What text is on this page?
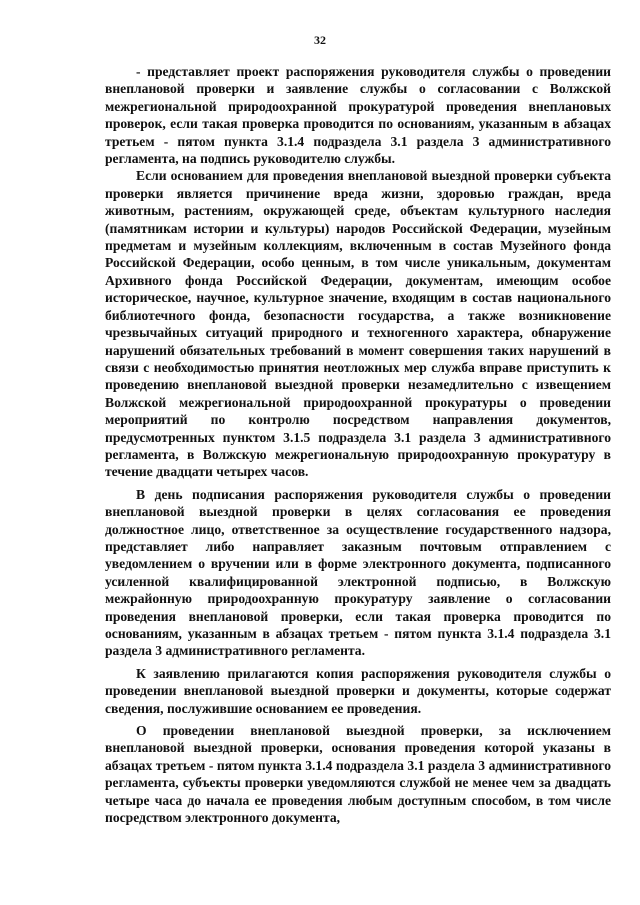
32

- представляет проект распоряжения руководителя службы о проведении внеплановой проверки и заявление службы о согласовании с Волжской межрегиональной природоохранной прокуратурой проведения внеплановых проверок, если такая проверка проводится по основаниям, указанным в абзацах третьем - пятом пункта 3.1.4 подраздела 3.1 раздела 3 административного регламента, на подпись руководителю службы.

Если основанием для проведения внеплановой выездной проверки субъекта проверки является причинение вреда жизни, здоровью граждан, вреда животным, растениям, окружающей среде, объектам культурного наследия (памятникам истории и культуры) народов Российской Федерации, музейным предметам и музейным коллекциям, включенным в состав Музейного фонда Российской Федерации, особо ценным, в том числе уникальным, документам Архивного фонда Российской Федерации, документам, имеющим особое историческое, научное, культурное значение, входящим в состав национального библиотечного фонда, безопасности государства, а также возникновение чрезвычайных ситуаций природного и техногенного характера, обнаружение нарушений обязательных требований в момент совершения таких нарушений в связи с необходимостью принятия неотложных мер служба вправе приступить к проведению внеплановой выездной проверки незамедлительно с извещением Волжской межрегиональной природоохранной прокуратуры о проведении мероприятий по контролю посредством направления документов, предусмотренных пунктом 3.1.5 подраздела 3.1 раздела 3 административного регламента, в Волжскую межрегиональную природоохранную прокуратуру в течение двадцати четырех часов.

В день подписания распоряжения руководителя службы о проведении внеплановой выездной проверки в целях согласования ее проведения должностное лицо, ответственное за осуществление государственного надзора, представляет либо направляет заказным почтовым отправлением с уведомлением о вручении или в форме электронного документа, подписанного усиленной квалифицированной электронной подписью, в Волжскую межрайонную природоохранную прокуратуру заявление о согласовании проведения внеплановой проверки, если такая проверка проводится по основаниям, указанным в абзацах третьем - пятом пункта 3.1.4 подраздела 3.1 раздела 3 административного регламента.

К заявлению прилагаются копия распоряжения руководителя службы о проведении внеплановой выездной проверки и документы, которые содержат сведения, послужившие основанием ее проведения.

О проведении внеплановой выездной проверки, за исключением внеплановой выездной проверки, основания проведения которой указаны в абзацах третьем - пятом пункта 3.1.4 подраздела 3.1 раздела 3 административного регламента, субъекты проверки уведомляются службой не менее чем за двадцать четыре часа до начала ее проведения любым доступным способом, в том числе посредством электронного документа,
